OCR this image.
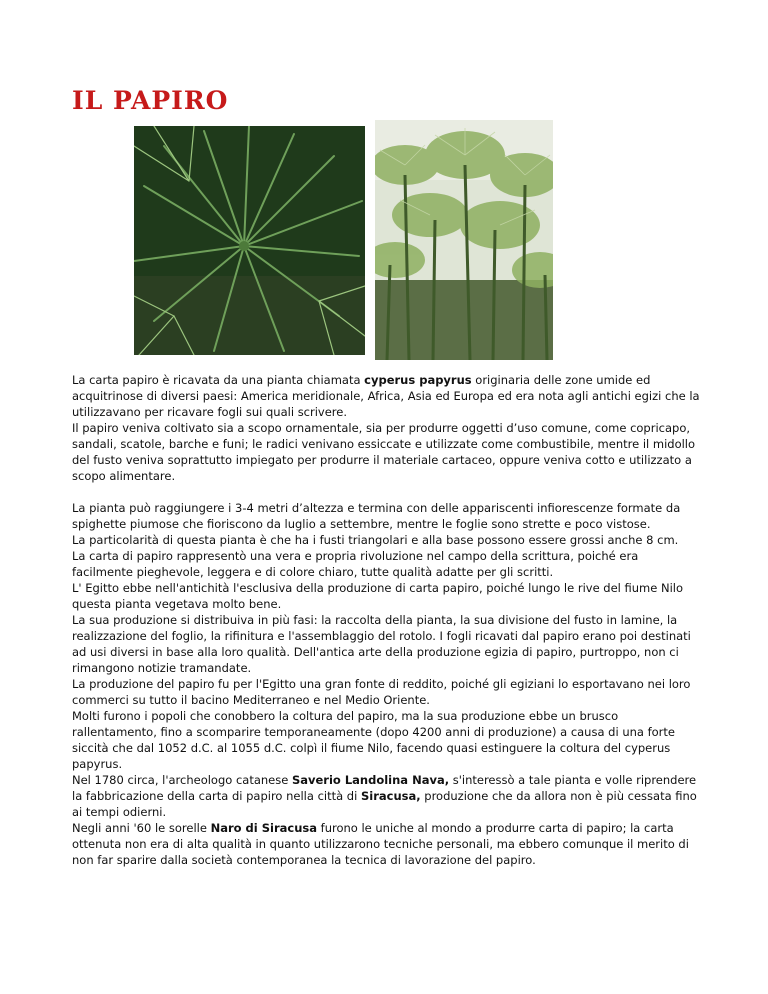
IL PAPIRO

La carta papiro è ricavata da una pianta chiamata cyperus papyrus originaria delle zone umide ed acquitrinose di diversi paesi: America meridionale, Africa, Asia ed Europa ed era nota agli antichi egizi che la utilizzavano per ricavare fogli sui quali scrivere.

Il papiro veniva coltivato sia a scopo ornamentale, sia per produrre oggetti d’uso comune, come copricapo, sandali, scatole, barche e funi; le radici venivano essiccate e utilizzate come combustibile, mentre il midollo del fusto veniva soprattutto impiegato per produrre il materiale cartaceo, oppure veniva cotto e utilizzato a scopo alimentare.

La pianta può raggiungere i 3-4 metri d’altezza e termina con delle appariscenti infiorescenze formate da spighette piumose che fioriscono da luglio a settembre, mentre le foglie sono strette e poco vistose.

La particolarità di questa pianta è che ha i fusti triangolari e alla base possono essere grossi anche 8 cm.

La carta di papiro rappresentò una vera e propria rivoluzione nel campo della scrittura, poiché era facilmente pieghevole, leggera e di colore chiaro, tutte qualità adatte per gli scritti.

L' Egitto ebbe nell'antichità l'esclusiva della produzione di carta papiro, poiché lungo le rive del fiume Nilo questa pianta vegetava molto bene.

La sua produzione si distribuiva in più fasi: la raccolta della pianta, la sua divisione del fusto in lamine, la realizzazione del foglio, la rifinitura e l'assemblaggio del rotolo. I fogli ricavati dal papiro erano poi destinati ad usi diversi in base alla loro qualità. Dell'antica arte della produzione egizia di papiro, purtroppo, non ci rimangono notizie tramandate.

La produzione del papiro fu per l'Egitto una gran fonte di reddito, poiché gli egiziani lo esportavano nei loro commerci su tutto il bacino Mediterraneo e nel Medio Oriente.

Molti furono i popoli che conobbero la coltura del papiro, ma la sua produzione ebbe un brusco rallentamento, fino a scomparire temporaneamente (dopo 4200 anni di produzione) a causa di una forte siccità che dal 1052 d.C. al 1055 d.C. colpì il fiume Nilo, facendo quasi estinguere la coltura del cyperus papyrus.

Nel 1780 circa, l'archeologo catanese Saverio Landolina Nava, s'interessò a tale pianta e volle riprendere la fabbricazione della carta di papiro nella città di Siracusa, produzione che da allora non è più cessata fino ai tempi odierni.

Negli anni '60 le sorelle Naro di Siracusa furono le uniche al mondo a produrre carta di papiro; la carta ottenuta non era di alta qualità in quanto utilizzarono tecniche personali, ma ebbero comunque il merito di non far sparire dalla società contemporanea la tecnica di lavorazione del papiro.
